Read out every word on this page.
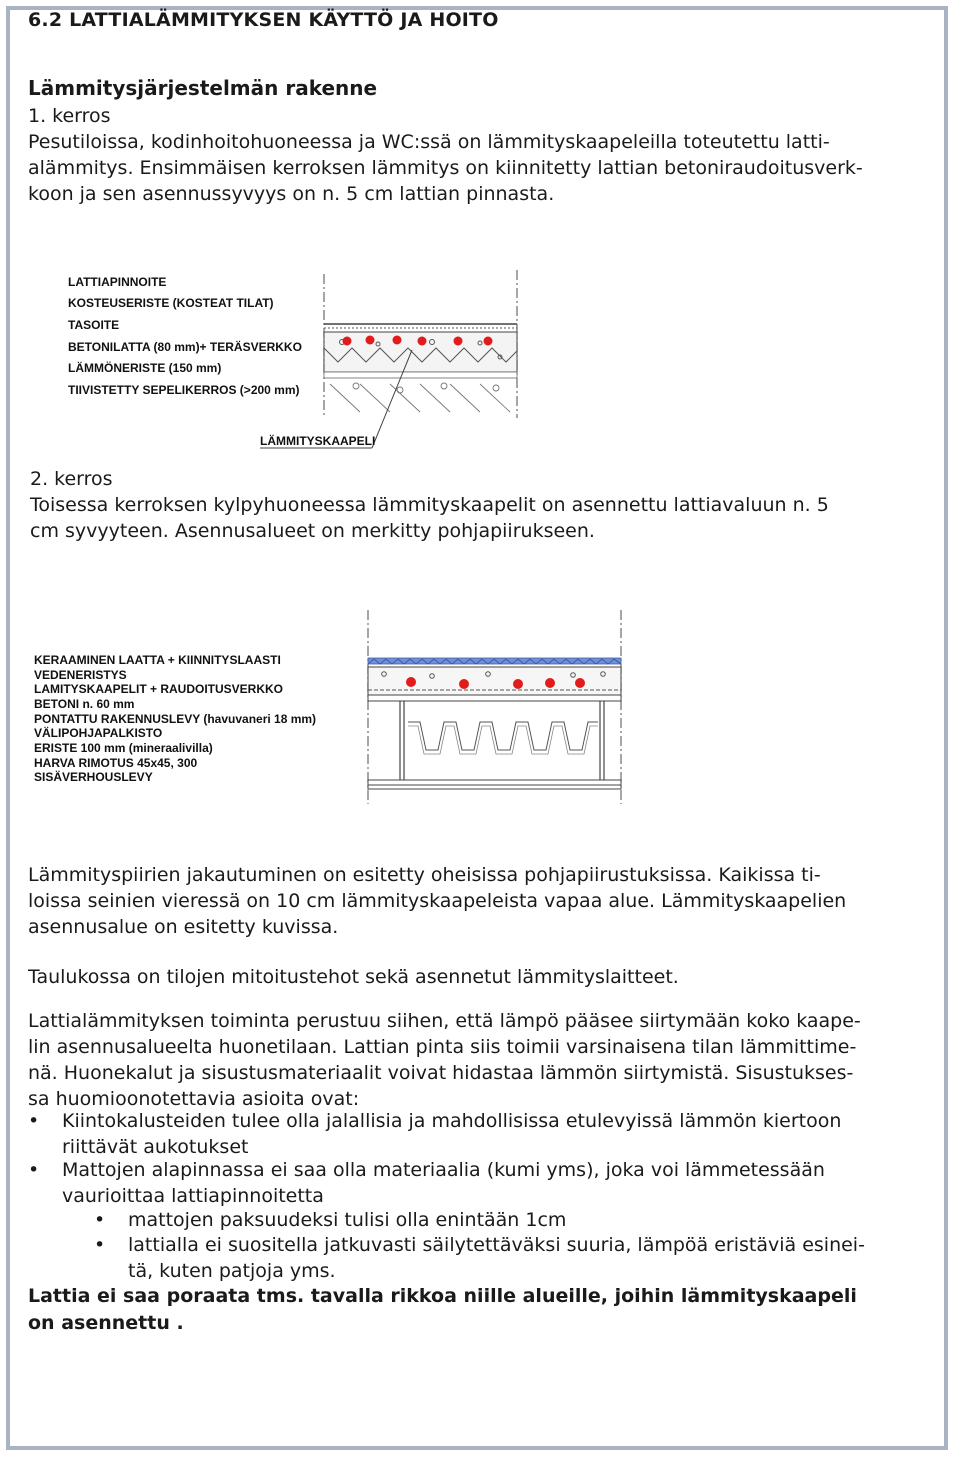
6.2 LATTIALÄMMITYKSEN KÄYTTÖ JA HOITO
Lämmitysjärjestelmän rakenne
1. kerros
Pesutiloissa, kodinhoitohuoneessa ja WC:ssä on lämmityskaapeleilla toteutettu latti-
alämmitys. Ensimmäisen kerroksen lämmitys on kiinnitetty lattian betoniraudoitusverk-
koon ja sen asennussyvyys on n. 5 cm lattian pinnasta.
LATTIAPINNOITE
KOSTEUSERISTE (KOSTEAT TILAT)
TASOITE
BETONILATTA (80 mm)+ TERÄSVERKKO
LÄMMÖNERISTE (150 mm)
TIIVISTETTY SEPELIKERROS (>200 mm)
LÄMMITYSKAAPELI
2. kerros
Toisessa kerroksen kylpyhuoneessa lämmityskaapelit on asennettu lattiavaluun n. 5
cm syvyyteen. Asennusalueet on merkitty pohjapiirukseen.
KERAAMINEN LAATTA + KIINNITYSLAASTI
VEDENERISTYS
LAMITYSKAAPELIT + RAUDOITUSVERKKO
BETONI n. 60 mm
PONTATTU RAKENNUSLEVY (havuvaneri 18 mm)
VÄLIPOHJAPALKISTO
ERISTE 100 mm (mineraalivilla)
HARVA RIMOTUS 45x45, 300
SISÄVERHOUSLEVY
Lämmityspiirien jakautuminen on esitetty oheisissa pohjapiirustuksissa. Kaikissa ti-
loissa seinien vieressä on 10 cm lämmityskaapeleista vapaa alue. Lämmityskaapelien
asennusalue on esitetty kuvissa.
Taulukossa on tilojen mitoitustehot sekä asennetut lämmityslaitteet.
Lattialämmityksen toiminta perustuu siihen, että lämpö pääsee siirtymään koko kaape-
lin asennusalueelta huonetilaan. Lattian pinta siis toimii varsinaisena tilan lämmittime-
nä. Huonekalut ja sisustusmateriaalit voivat hidastaa lämmön siirtymistä. Sisustukses-
sa huomioonotettavia asioita ovat:
• Kiintokalusteiden tulee olla jalallisia ja mahdollisissa etulevyissä lämmön kiertoon
riittävät aukotukset
• Mattojen alapinnassa ei saa olla materiaalia (kumi yms), joka voi lämmetessään
vaurioittaa lattiapinnoitetta
• mattojen paksuudeksi tulisi olla enintään 1cm
• lattialla ei suositella jatkuvasti säilytettäväksi suuria, lämpöä eristäviä esinei-
tä, kuten patjoja yms.
Lattia ei saa poraata tms. tavalla rikkoa niille alueille, joihin lämmityskaapeli
on asennettu .
